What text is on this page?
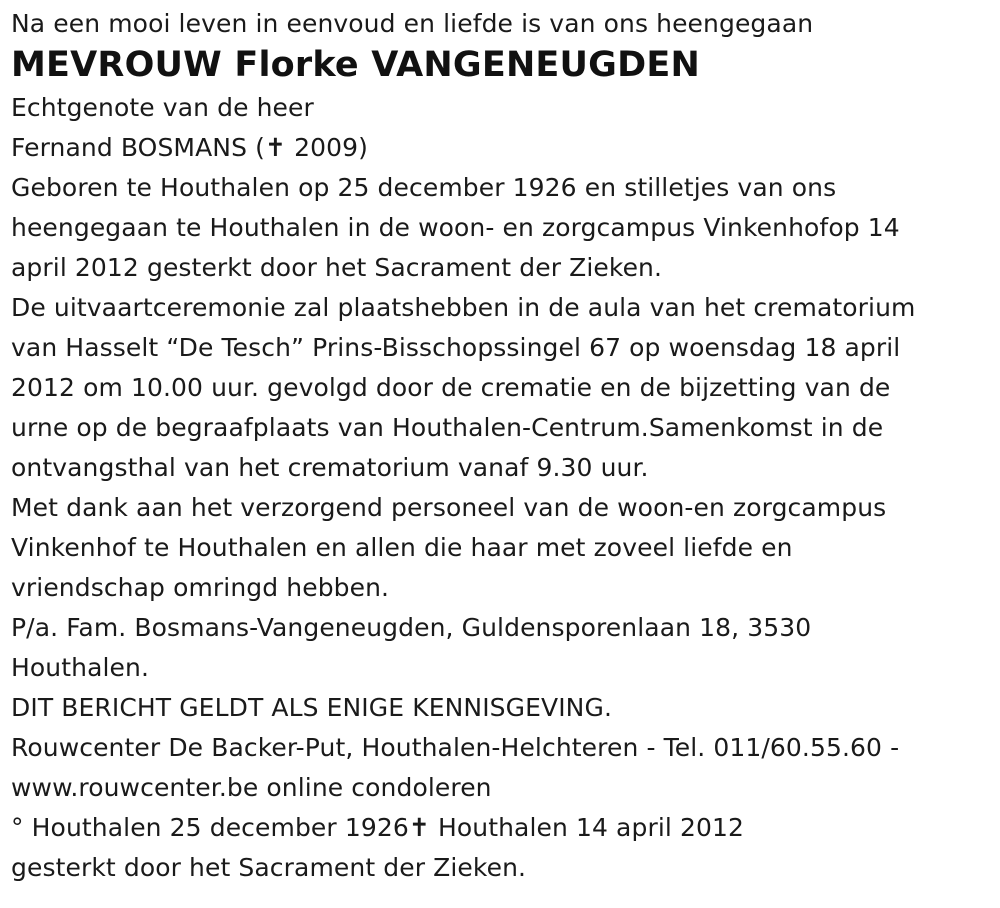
Na een mooi leven in eenvoud en liefde is van ons heengegaan
MEVROUW Florke VANGENEUGDEN
Echtgenote van de heer
Fernand BOSMANS (✝ 2009)
Geboren te Houthalen op 25 december 1926 en stilletjes van ons
heengegaan te Houthalen in de woon- en zorgcampus Vinkenhofop 14
april 2012 gesterkt door het Sacrament der Zieken.
De uitvaartceremonie zal plaatshebben in de aula van het crematorium
van Hasselt “De Tesch” Prins-Bisschopssingel 67 op woensdag 18 april
2012 om 10.00 uur. gevolgd door de crematie en de bijzetting van de
urne op de begraafplaats van Houthalen-Centrum.Samenkomst in de
ontvangsthal van het crematorium vanaf 9.30 uur.
Met dank aan het verzorgend personeel van de woon-en zorgcampus
Vinkenhof te Houthalen en allen die haar met zoveel liefde en
vriendschap omringd hebben.
P/a. Fam. Bosmans-Vangeneugden, Guldensporenlaan 18, 3530
Houthalen.
DIT BERICHT GELDT ALS ENIGE KENNISGEVING.
Rouwcenter De Backer-Put, Houthalen-Helchteren - Tel. 011/60.55.60 -
www.rouwcenter.be online condoleren
° Houthalen 25 december 1926✝ Houthalen 14 april 2012
gesterkt door het Sacrament der Zieken.
